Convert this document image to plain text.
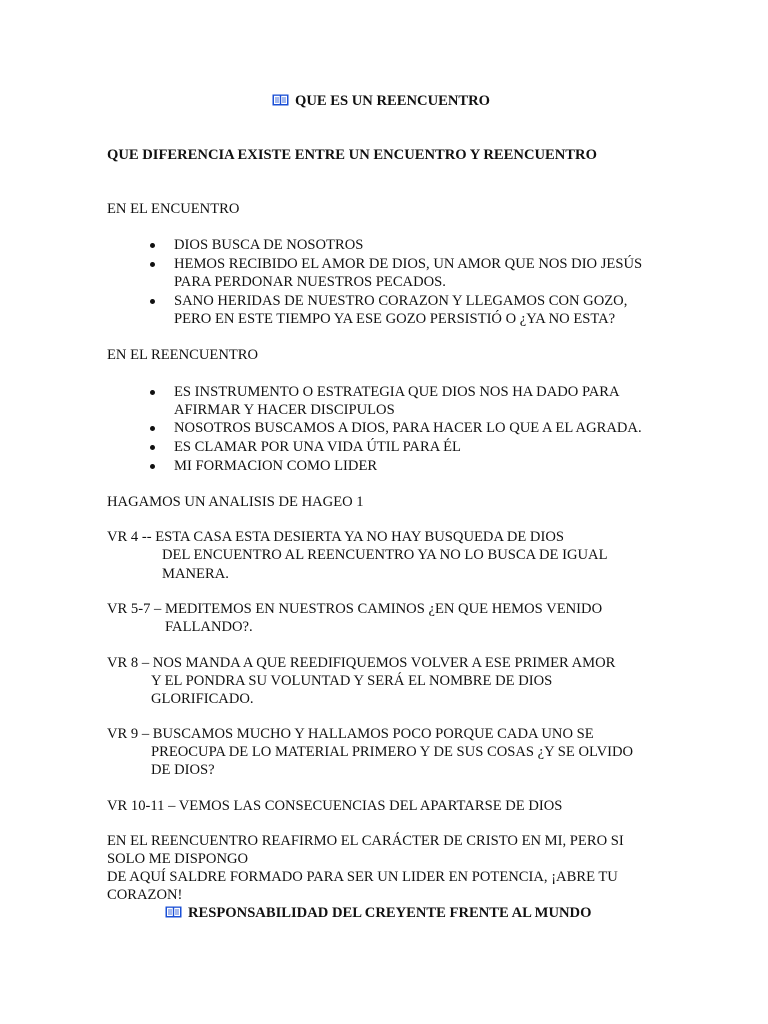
QUE ES UN REENCUENTRO
QUE DIFERENCIA EXISTE ENTRE UN ENCUENTRO Y REENCUENTRO
EN EL ENCUENTRO
DIOS BUSCA DE NOSOTROS
HEMOS RECIBIDO EL AMOR DE DIOS, UN AMOR QUE NOS DIO JESÚS
PARA PERDONAR NUESTROS PECADOS.
SANO HERIDAS DE NUESTRO CORAZON Y LLEGAMOS CON GOZO,
PERO EN ESTE TIEMPO YA ESE GOZO PERSISTIÓ O ¿YA NO ESTA?
EN EL REENCUENTRO
ES INSTRUMENTO O ESTRATEGIA QUE DIOS NOS HA DADO PARA
AFIRMAR Y HACER DISCIPULOS
NOSOTROS BUSCAMOS A DIOS, PARA HACER LO QUE A EL AGRADA.
ES CLAMAR POR UNA VIDA ÚTIL PARA ÉL
MI FORMACION COMO LIDER
HAGAMOS UN ANALISIS DE HAGEO 1
VR 4 -- ESTA CASA ESTA DESIERTA YA NO HAY BUSQUEDA DE DIOS
DEL ENCUENTRO AL REENCUENTRO YA NO LO BUSCA DE IGUAL
MANERA.
VR 5-7 – MEDITEMOS EN NUESTROS CAMINOS ¿EN QUE HEMOS VENIDO
FALLANDO?.
VR 8 – NOS MANDA A QUE REEDIFIQUEMOS VOLVER A ESE PRIMER AMOR
Y EL PONDRA SU VOLUNTAD Y SERÁ EL NOMBRE DE DIOS
GLORIFICADO.
VR 9 – BUSCAMOS MUCHO Y HALLAMOS POCO PORQUE CADA UNO SE
PREOCUPA DE LO MATERIAL PRIMERO Y DE SUS COSAS ¿Y SE OLVIDO
DE DIOS?
VR 10-11 – VEMOS LAS CONSECUENCIAS DEL APARTARSE DE DIOS
EN EL REENCUENTRO REAFIRMO EL CARÁCTER DE CRISTO EN MI, PERO SI
SOLO ME DISPONGO
DE AQUÍ SALDRE FORMADO PARA SER UN LIDER EN POTENCIA, ¡ABRE TU
CORAZON!
RESPONSABILIDAD DEL CREYENTE FRENTE AL MUNDO
